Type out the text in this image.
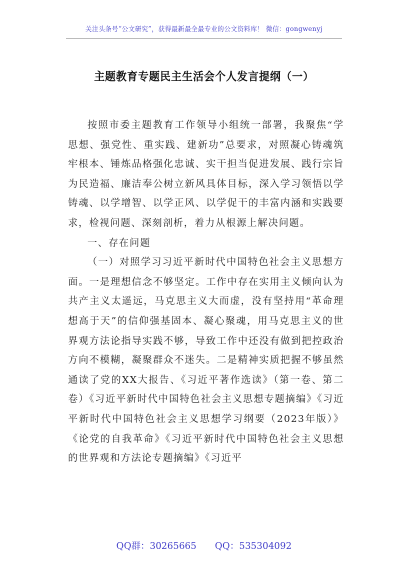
关注头条号“公文研究”，获得最新最全最专业的公文资料库！ 微信：gongwenyj
主题教育专题民主生活会个人发言提纲（一）

按照市委主题教育工作领导小组统一部署，我聚焦“学思想、强党性、重实践、建新功”总要求，对照凝心铸魂筑牢根本、锤炼品格强化忠诚、实干担当促进发展、践行宗旨为民造福、廉洁奉公树立新风具体目标，深入学习领悟以学铸魂、以学增智、以学正风、以学促干的丰富内涵和实践要求，检视问题、深刻剖析，着力从根源上解决问题。

一、存在问题

（一）对照学习习近平新时代中国特色社会主义思想方面。一是理想信念不够坚定。工作中存在实用主义倾向认为共产主义太遥远，马克思主义大而虚，没有坚持用“革命理想高于天”的信仰强基固本、凝心聚魂，用马克思主义的世界观方法论指导实践不够，导致工作中还没有做到把控政治方向不模糊，凝聚群众不迷失。二是精神实质把握不够虽然通读了党的XX大报告、《习近平著作选读》（第一卷、第二卷）《习近平新时代中国特色社会主义思想专题摘编》《习近平新时代中国特色社会主义思想学习纲要（2023年版）》《论党的自我革命》《习近平新时代中国特色社会主义思想的世界观和方法论专题摘编》《习近平

QQ群：30265665　　QQ：535304092
